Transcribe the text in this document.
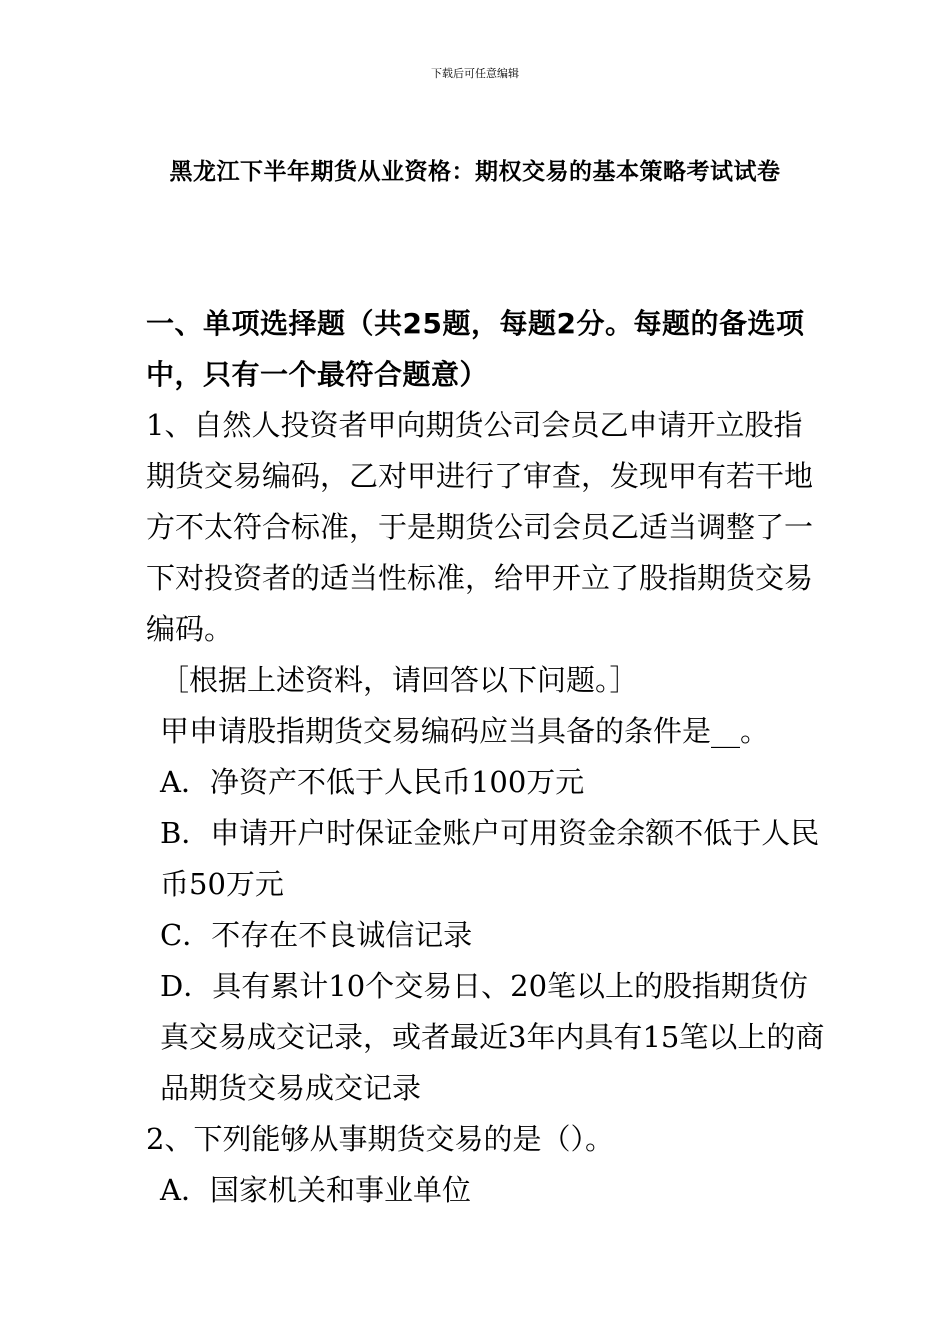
下载后可任意编辑
黑龙江下半年期货从业资格：期权交易的基本策略考试试卷
一、单项选择题（共25题，每题2分。每题的备选项中，只有一个最符合题意）
1、自然人投资者甲向期货公司会员乙申请开立股指期货交易编码，乙对甲进行了审查，发现甲有若干地方不太符合标准，于是期货公司会员乙适当调整了一下对投资者的适当性标准，给甲开立了股指期货交易编码。
［根据上述资料，请回答以下问题。］
甲申请股指期货交易编码应当具备的条件是__。
A．净资产不低于人民币100万元
B．申请开户时保证金账户可用资金余额不低于人民币50万元
C．不存在不良诚信记录
D．具有累计10个交易日、20笔以上的股指期货仿真交易成交记录，或者最近3年内具有15笔以上的商品期货交易成交记录
2、下列能够从事期货交易的是（）。
A．国家机关和事业单位
